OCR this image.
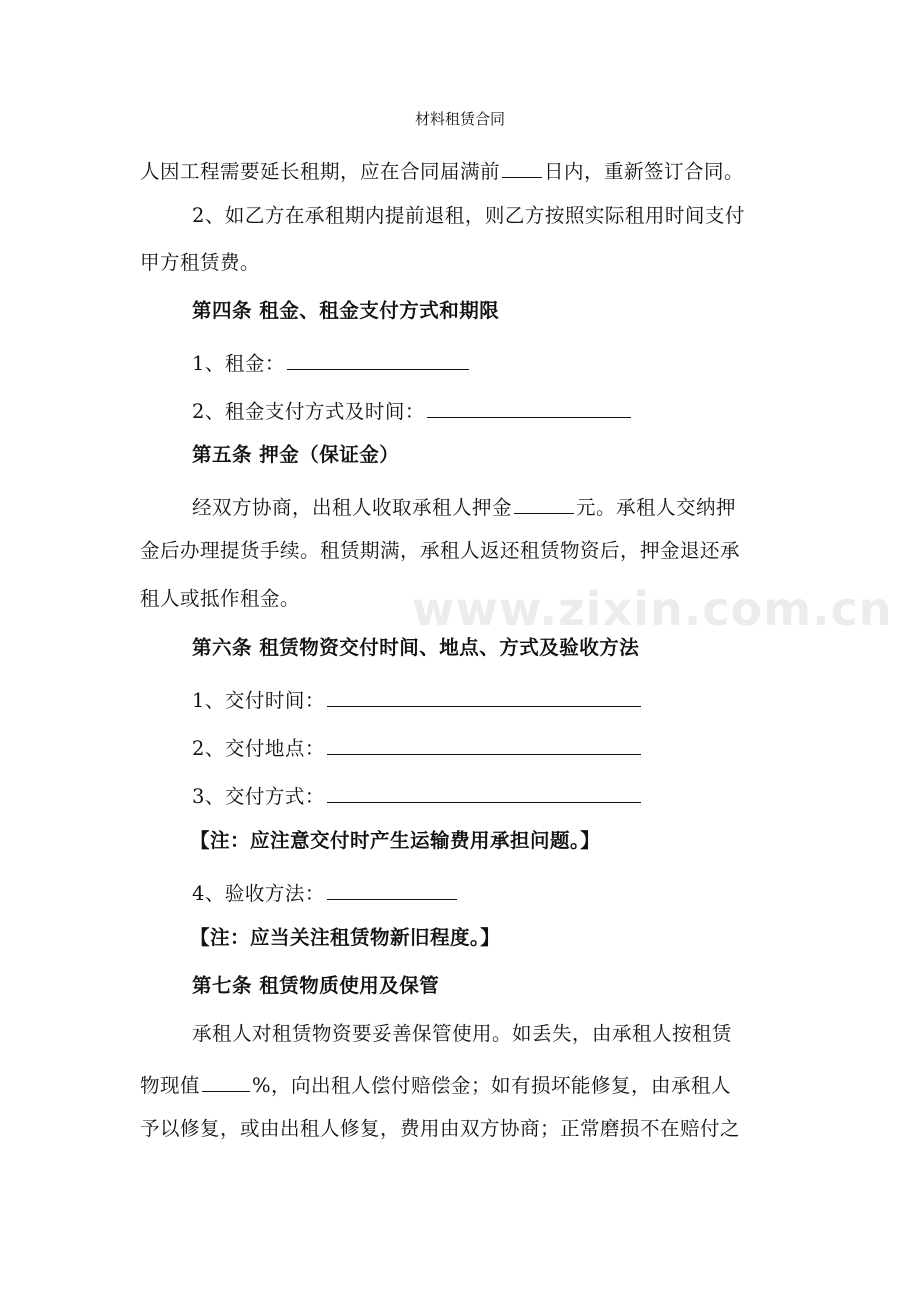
材料租赁合同
www.zixin.com.cn
人因工程需要延长租期，应在合同届满前 日内，重新签订合同。
2、如乙方在承租期内提前退租，则乙方按照实际租用时间支付
甲方租赁费。
第四条 租金、租金支付方式和期限
1、租金：
2、租金支付方式及时间：
第五条 押金（保证金）
经双方协商，出租人收取承租人押金	元。承租人交纳押
金后办理提货手续。租赁期满，承租人返还租赁物资后，押金退还承
租人或抵作租金。
第六条 租赁物资交付时间、地点、方式及验收方法
1、交付时间：
2、交付地点：
3、交付方式：
【注：应注意交付时产生运输费用承担问题。】
4、验收方法：
【注：应当关注租赁物新旧程度。】
第七条 租赁物质使用及保管
承租人对租赁物资要妥善保管使用。如丢失，由承租人按租赁
物现值	%，向出租人偿付赔偿金；如有损坏能修复，由承租人
予以修复，或由出租人修复，费用由双方协商；正常磨损不在赔付之
